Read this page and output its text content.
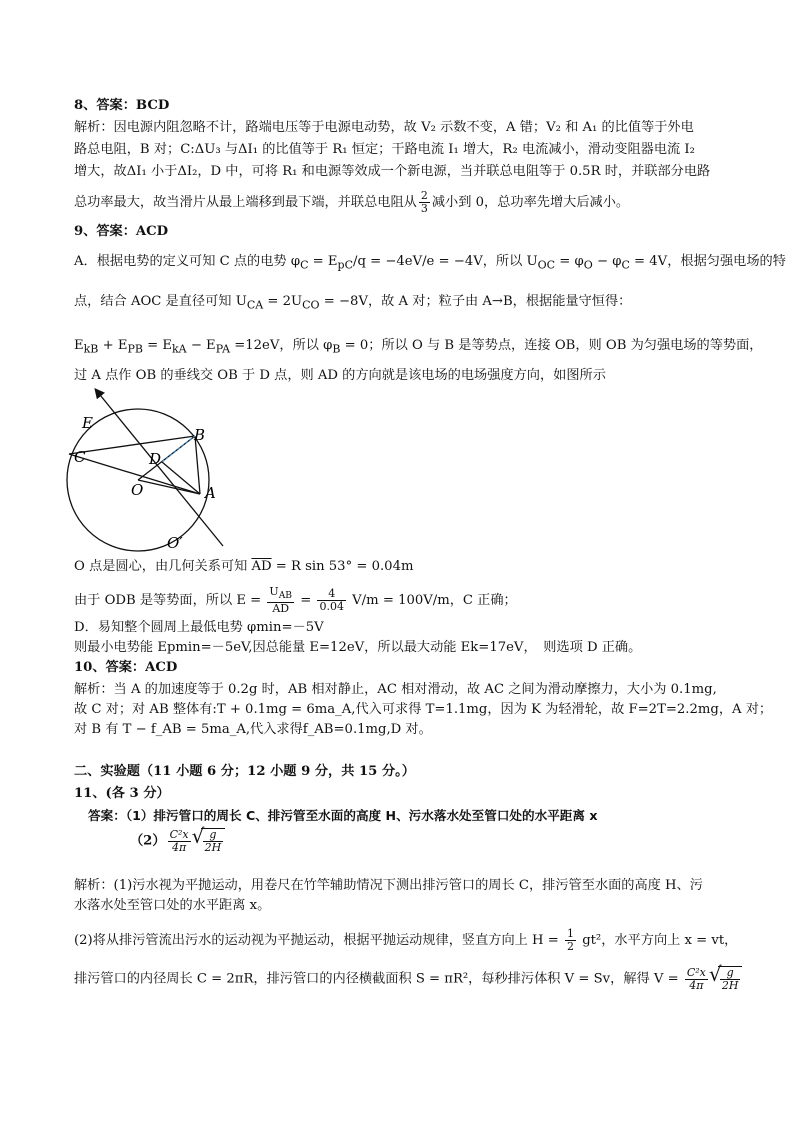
8、答案：BCD
解析：因电源内阻忽略不计，路端电压等于电源电动势，故 V₂ 示数不变，A 错；V₂ 和 A₁ 的比值等于外电
路总电阻，B 对；C:ΔU₃ 与ΔI₁ 的比值等于 R₁ 恒定；干路电流 I₁ 增大，R₂ 电流减小，滑动变阻器电流 I₂
增大，故ΔI₁ 小于ΔI₂，D 中，可将 R₁ 和电源等效成一个新电源，当并联总电阻等于 0.5R 时，并联部分电路
总功率最大，故当滑片从最上端移到最下端，并联总电阻从 $\frac{2}{3}$ 减小到 0，总功率先增大后减小。
9、答案：ACD
A．根据电势的定义可知 C 点的电势 $\varphi_C = E_{pC}/q = -4eV/e = -4V$，所以 $U_{OC} = \varphi_O - \varphi_C = 4V$，根据匀强电场的特
点，结合 AOC 是直径可知 $U_{CA} = 2U_{CO} = -8V$，故 A 对；粒子由 A→B，根据能量守恒得：
$E_{kB} + E_{PB} = E_{kA} - E_{PA} =12eV$，所以 $\varphi_B = 0$；所以 O 与 B 是等势点，连接 OB，则 OB 为匀强电场的等势面，
过 A 点作 OB 的垂线交 OB 于 D 点，则 AD 的方向就是该电场的电场强度方向，如图所示
E
B
C	D
O	A
O′
O 点是圆心，由几何关系可知 $\overline{AD} = R$ sin 53° = 0.04m
由于 ODB 是等势面，所以 $E = \frac{U_{AB}}{AD} = \frac{4}{0.04} V/m = 100V/m$，C 正确；
D．易知整个圆周上最低电势 φmin=－5V
则最小电势能 Epmin=－5eV,因总能量 E=12eV，所以最大动能 Ek=17eV，　则选项 D 正确。
10、答案：ACD
解析：当 A 的加速度等于 0.2g 时，AB 相对静止，AC 相对滑动，故 AC 之间为滑动摩擦力，大小为 0.1mg,
故 C 对；对 AB 整体有:T + 0.1mg = 6ma_A,代入可求得 T=1.1mg，因为 K 为轻滑轮，故 F=2T=2.2mg，A 对；
对 B 有 T − f_AB = 5ma_A,代入求得f_AB=0.1mg,D 对。
二、实验题（11 小题 6 分；12 小题 9 分，共 15 分。）
11、(各 3 分）
答案：（1）排污管口的周长 C、排污管至水面的高度 H、污水落水处至管口处的水平距离 x
$(2) \frac{\text{C²x}}{4\pi}$ √ $\frac{g}{2H}$
解析：(1)污水视为平抛运动，用卷尺在竹竿辅助情况下测出排污管口的周长 C，排污管至水面的高度 H、污
水落水处至管口处的水平距离 x。
(2)将从排污管流出污水的运动视为平抛运动，根据平抛运动规律，竖直方向上 $H = \frac{1}{2} gt^2$，水平方向上 x = vt，
排污管口的内径周长 C = 2πR，排污管口的内径横截面积 S = πR²，每秒排污体积 V = Sv，解得 $V = \frac{\text{C²x}}{4\pi}$ √ $\frac{g}{2H}$
